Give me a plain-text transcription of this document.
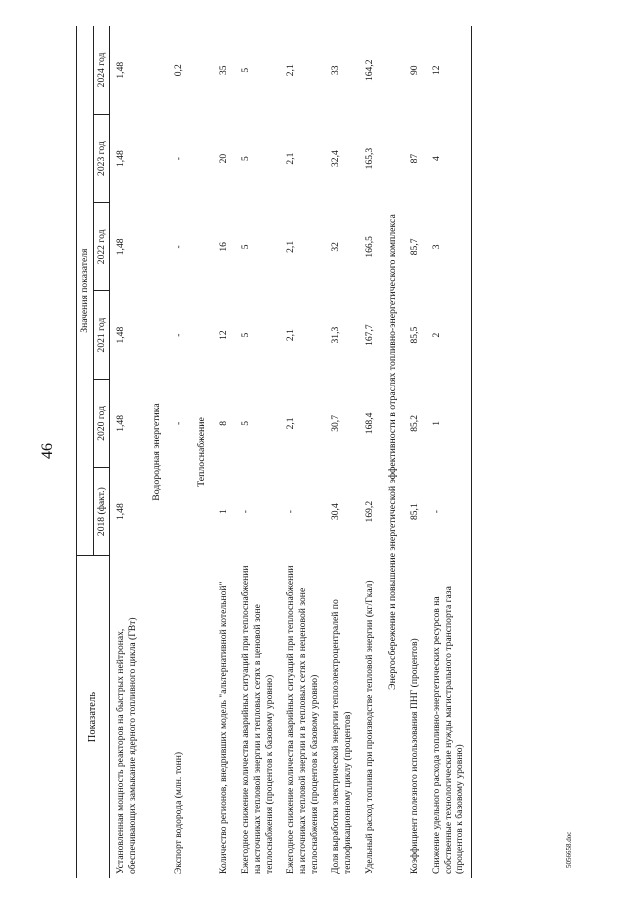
46
Показатель	Значения показателя					
	2018 (факт.)	2020 год	2021 год	2022 год	2023 год	2024 год
Установленная мощность реакторов на быстрых нейтронах, обеспечивающих замыкание ядерного топливного цикла (ГВт)	1,48	1,48	1,48	1,48	1,48	1,48
Водородная энергетика						
Экспорт водорода (млн. тонн)		-	-	-	-	0,2
Теплоснабжение						
Количество регионов, внедривших модель "альтернативной котельной"	1	8	12	16	20	35
Ежегодное снижение количества аварийных ситуаций при теплоснабжении на источниках тепловой энергии и тепловых сетях в ценовой зоне теплоснабжения (процентов к базовому уровню)	-	5	5	5	5	5
Ежегодное снижение количества аварийных ситуаций при теплоснабжении на источниках тепловой энергии и в тепловых сетях в неценовой зоне теплоснабжения (процентов к базовому уровню)	-	2,1	2,1	2,1	2,1	2,1
Доля выработки электрической энергии теплоэлектроцентралей по теплофикационному циклу (процентов)	30,4	30,7	31,3	32	32,4	33
Удельный расход топлива при производстве тепловой энергии (кг/Гкал)	169,2	168,4	167,7	166,5	165,3	164,2
Энергосбережение и повышение энергетической эффективности в отраслях топливно-энергетического комплекса						
Коэффициент полезного использования ПНГ (процентов)	85,1	85,2	85,5	85,7	87	90
Снижение удельного расхода топливно-энергетических ресурсов на собственные технологические нужды магистрального транспорта газа (процентов к базовому уровню)	-	1	2	3	4	12
5056658.doc
